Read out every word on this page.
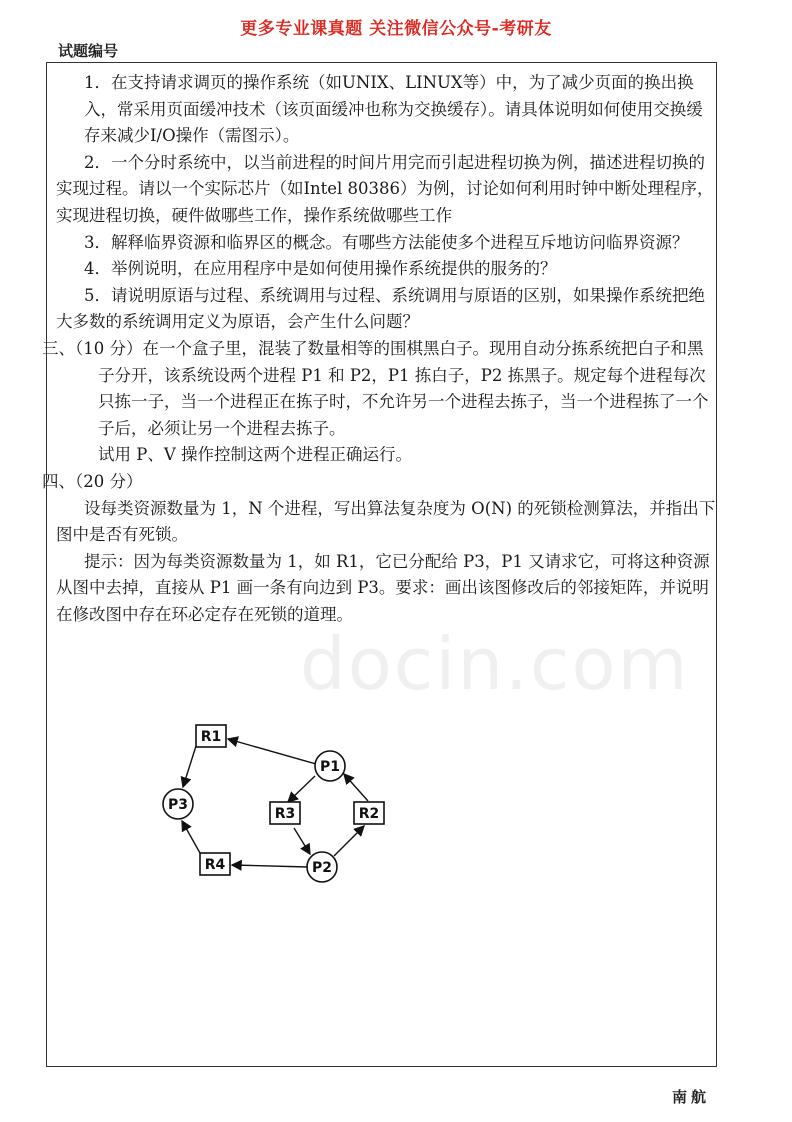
更多专业课真题 关注微信公众号-考研友
试题编号
docin.com

1．在支持请求调页的操作系统（如UNIX、LINUX等）中，为了减少页面的换出换入，常采用页面缓冲技术（该页面缓冲也称为交换缓存）。请具体说明如何使用交换缓存来减少I/O操作（需图示）。

2．一个分时系统中，以当前进程的时间片用完而引起进程切换为例，描述进程切换的实现过程。请以一个实际芯片（如Intel 80386）为例，讨论如何利用时钟中断处理程序，实现进程切换，硬件做哪些工作，操作系统做哪些工作

3．解释临界资源和临界区的概念。有哪些方法能使多个进程互斥地访问临界资源？

4．举例说明，在应用程序中是如何使用操作系统提供的服务的？

5．请说明原语与过程、系统调用与过程、系统调用与原语的区别，如果操作系统把绝大多数的系统调用定义为原语，会产生什么问题？

三、（10 分）在一个盒子里，混装了数量相等的围棋黑白子。现用自动分拣系统把白子和黑子分开，该系统设两个进程 P1 和 P2，P1 拣白子，P2 拣黑子。规定每个进程每次只拣一子，当一个进程正在拣子时，不允许另一个进程去拣子，当一个进程拣了一个子后，必须让另一个进程去拣子。

试用 P、V 操作控制这两个进程正确运行。

四、（20 分）

设每类资源数量为 1，N 个进程，写出算法复杂度为 O(N) 的死锁检测算法，并指出下图中是否有死锁。

提示：因为每类资源数量为 1，如 R1，它已分配给 P3，P1 又请求它，可将这种资源从图中去掉，直接从 P1 画一条有向边到 P3。要求：画出该图修改后的邻接矩阵，并说明在修改图中存在环必定存在死锁的道理。

R1
R2
R3
R4
P1
P2
P3
南航
